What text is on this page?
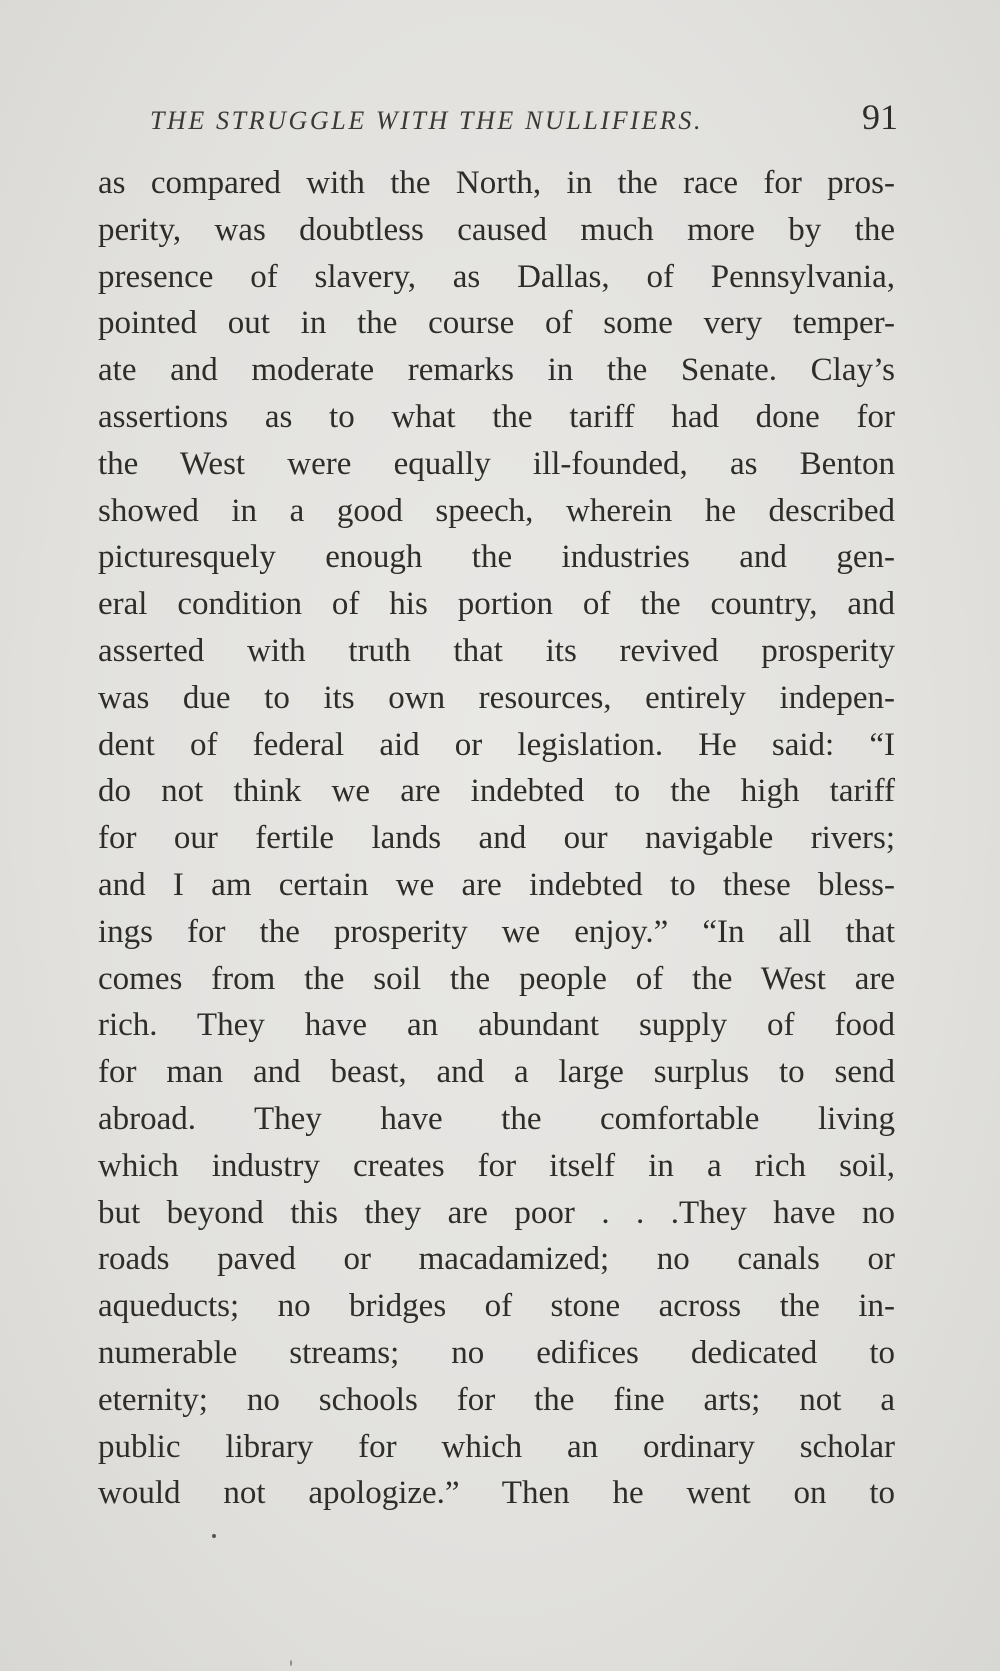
THE STRUGGLE WITH THE NULLIFIERS.	91
as compared with the North, in the race for pros-
perity, was doubtless caused much more by the
presence of slavery, as Dallas, of Pennsylvania,
pointed out in the course of some very temper-
ate and moderate remarks in the Senate. Clay’s
assertions as to what the tariff had done for
the West were equally ill-founded, as Benton
showed in a good speech, wherein he described
picturesquely enough the industries and gen-
eral condition of his portion of the country, and
asserted with truth that its revived prosperity
was due to its own resources, entirely indepen-
dent of federal aid or legislation. He said: “I
do not think we are indebted to the high tariff
for our fertile lands and our navigable rivers;
and I am certain we are indebted to these bless-
ings for the prosperity we enjoy.” “In all that
comes from the soil the people of the West are
rich. They have an abundant supply of food
for man and beast, and a large surplus to send
abroad. They have the comfortable living
which industry creates for itself in a rich soil,
but beyond this they are poor . . .They have no
roads paved or macadamized; no canals or
aqueducts; no bridges of stone across the in-
numerable streams; no edifices dedicated to
eternity; no schools for the fine arts; not a
public library for which an ordinary scholar
would not apologize.” Then he went on to
